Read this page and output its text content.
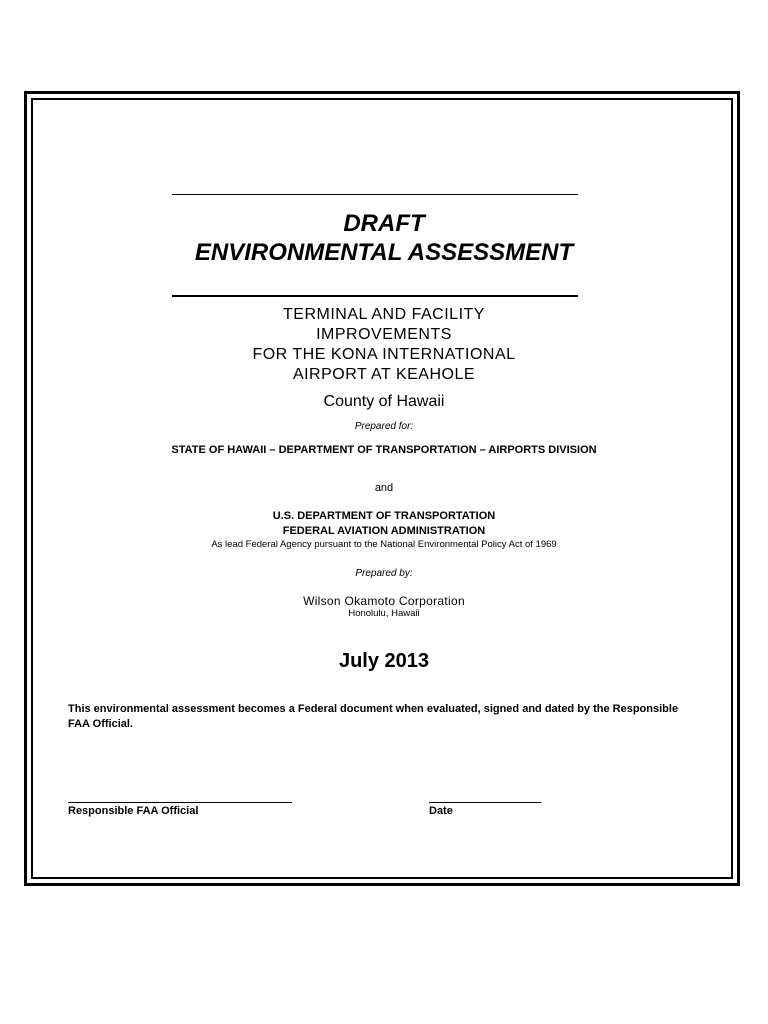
DRAFT
ENVIRONMENTAL ASSESSMENT
TERMINAL AND FACILITY
IMPROVEMENTS
FOR THE KONA INTERNATIONAL
AIRPORT AT KEAHOLE
County of Hawaii
Prepared for:
STATE OF HAWAII – DEPARTMENT OF TRANSPORTATION – AIRPORTS DIVISION
and
U.S. DEPARTMENT OF TRANSPORTATION
FEDERAL AVIATION ADMINISTRATION
As lead Federal Agency pursuant to the National Environmental Policy Act of 1969
Prepared by:
Wilson Okamoto Corporation
Honolulu, Hawaii
July 2013
This environmental assessment becomes a Federal document when evaluated, signed and dated by the Responsible FAA Official.
Responsible FAA Official	Date
